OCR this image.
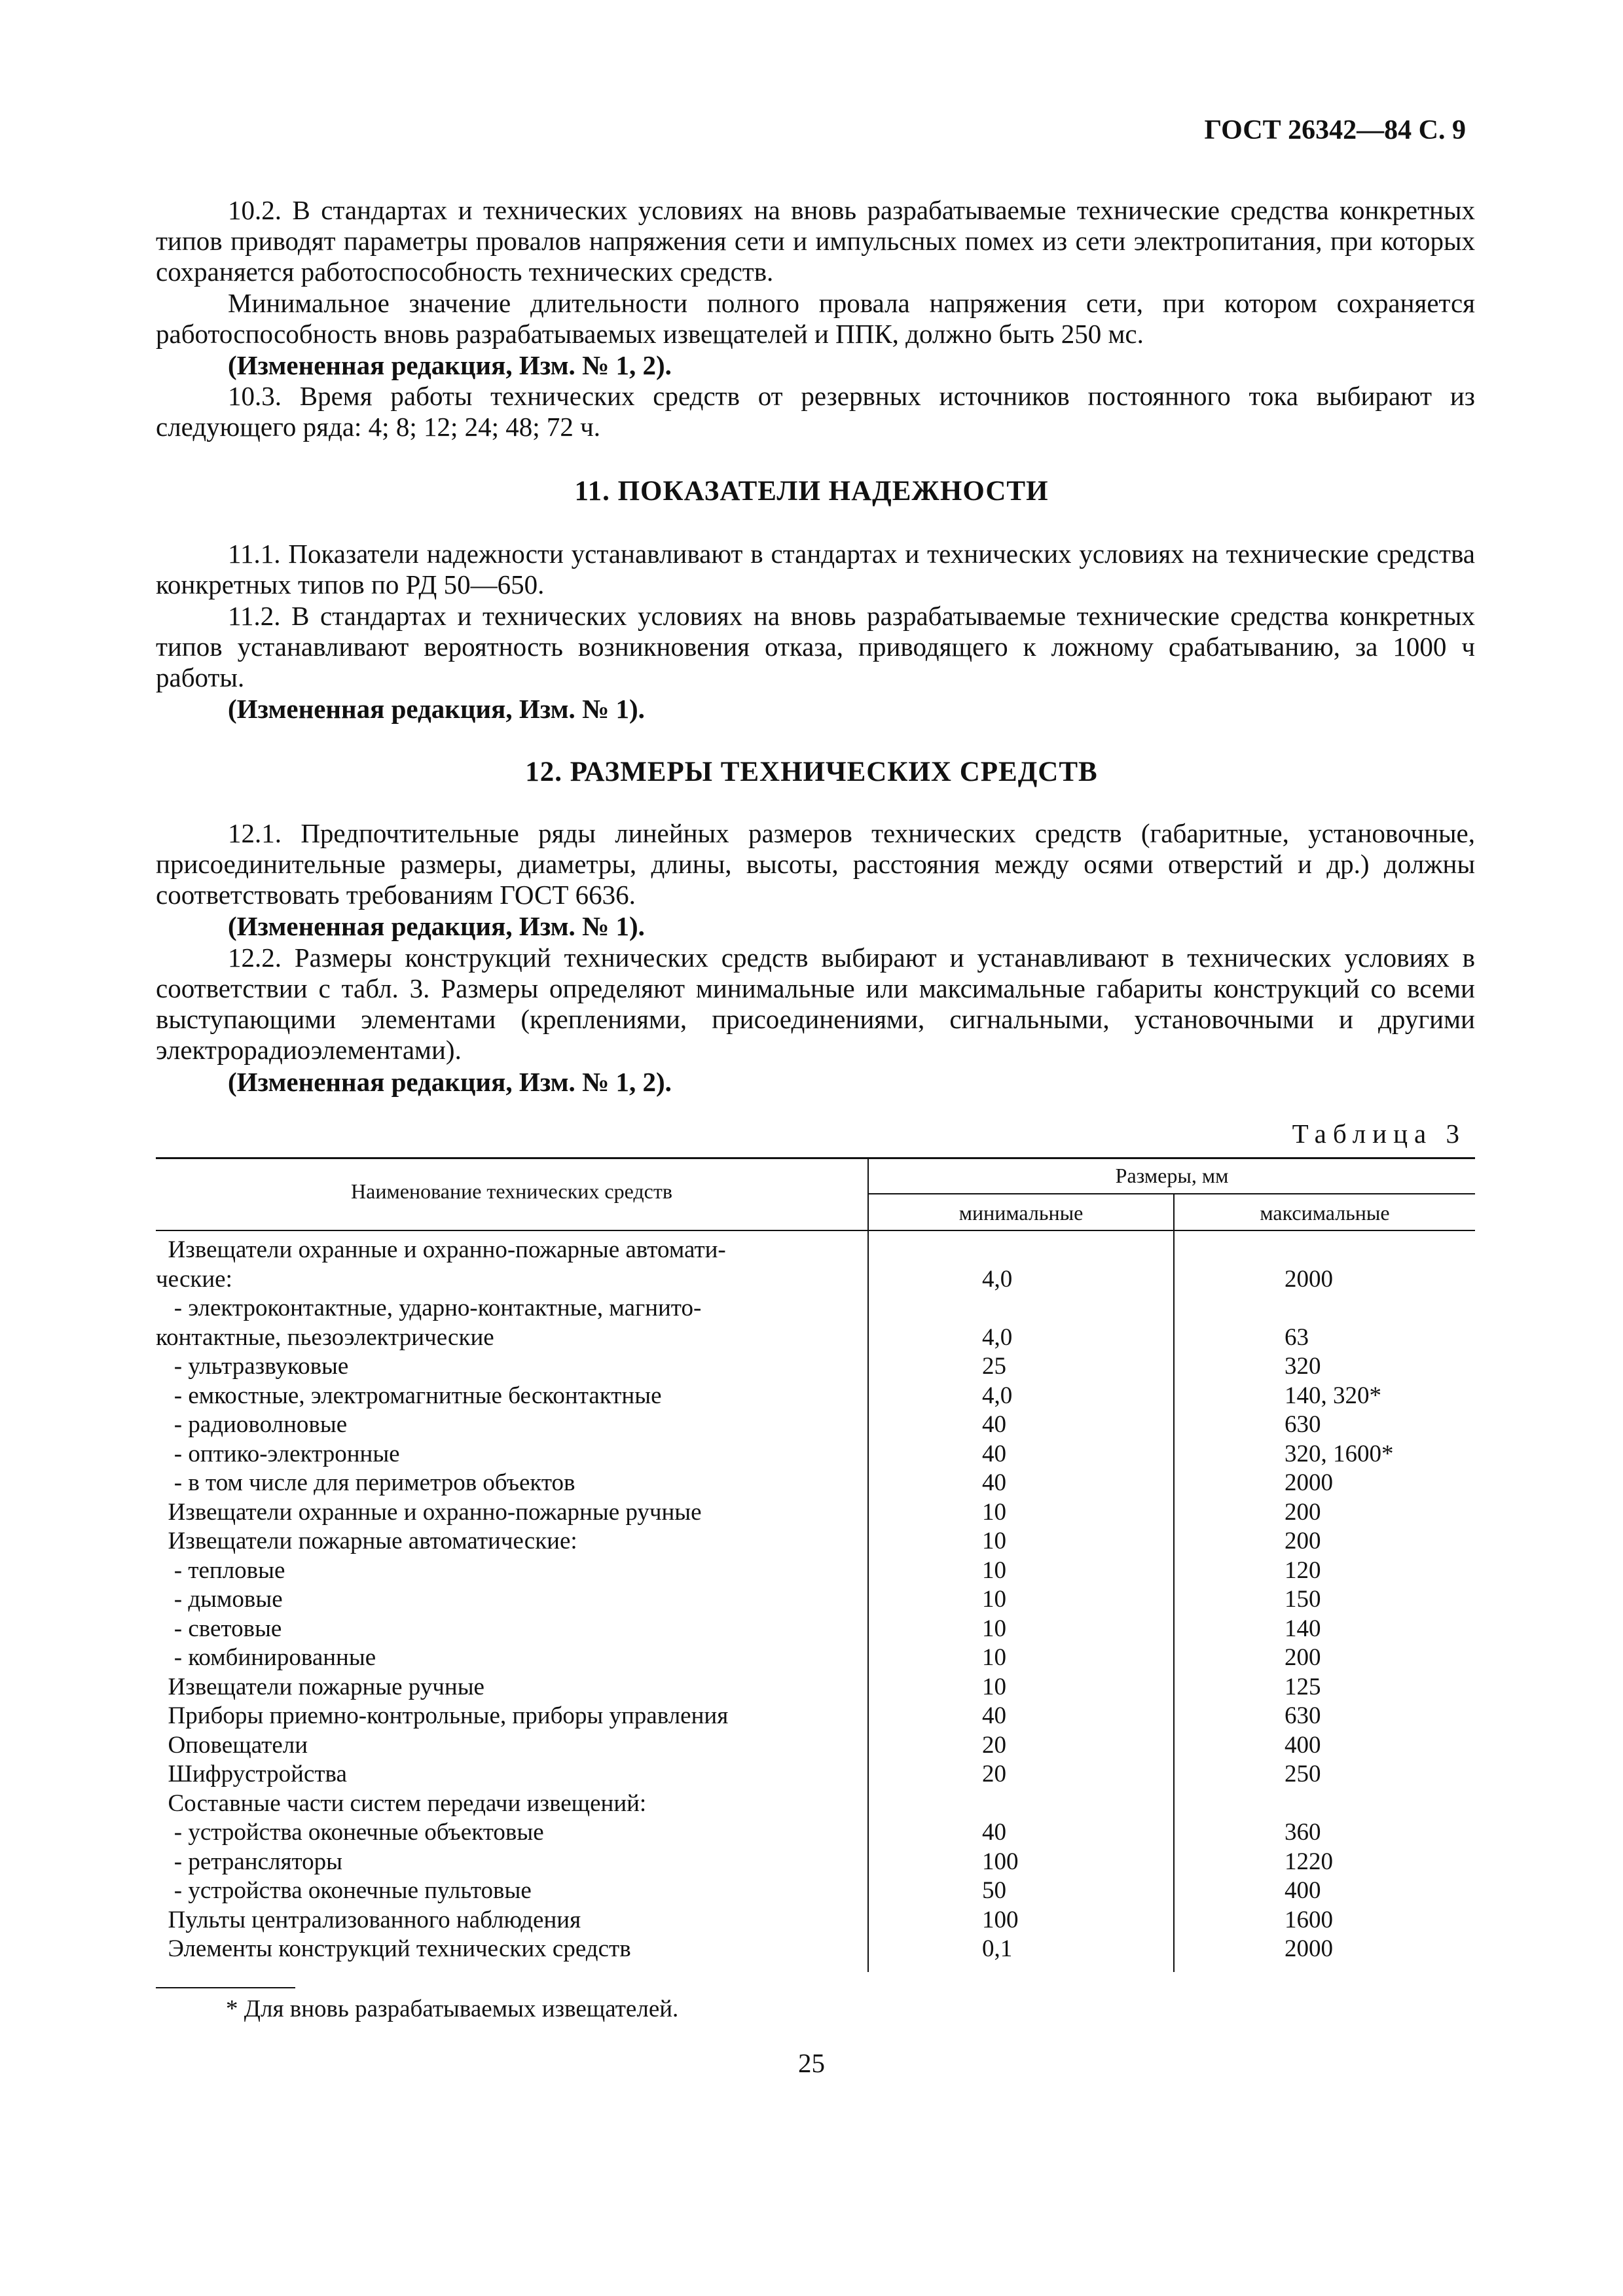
ГОСТ 26342—84 С. 9
10.2. В стандартах и технических условиях на вновь разрабатываемые технические средства конкретных типов приводят параметры провалов напряжения сети и импульсных помех из сети электропитания, при которых сохраняется работоспособность технических средств.
Минимальное значение длительности полного провала напряжения сети, при котором сохраняется работоспособность вновь разрабатываемых извещателей и ППК, должно быть 250 мс.
(Измененная редакция, Изм. № 1, 2).
10.3. Время работы технических средств от резервных источников постоянного тока выбирают из следующего ряда: 4; 8; 12; 24; 48; 72 ч.
11. ПОКАЗАТЕЛИ НАДЕЖНОСТИ
11.1. Показатели надежности устанавливают в стандартах и технических условиях на технические средства конкретных типов по РД 50—650.
11.2. В стандартах и технических условиях на вновь разрабатываемые технические средства конкретных типов устанавливают вероятность возникновения отказа, приводящего к ложному срабатыванию, за 1000 ч работы.
(Измененная редакция, Изм. № 1).
12. РАЗМЕРЫ ТЕХНИЧЕСКИХ СРЕДСТВ
12.1. Предпочтительные ряды линейных размеров технических средств (габаритные, установочные, присоединительные размеры, диаметры, длины, высоты, расстояния между осями отверстий и др.) должны соответствовать требованиям ГОСТ 6636.
(Измененная редакция, Изм. № 1).
12.2. Размеры конструкций технических средств выбирают и устанавливают в технических условиях в соответствии с табл. 3. Размеры определяют минимальные или максимальные габариты конструкций со всеми выступающими элементами (креплениями, присоединениями, сигнальными, установочными и другими электрорадиоэлементами).
(Измененная редакция, Изм. № 1, 2).
Таблица 3
Наименование технических средств
Размеры, мм
минимальные	максимальные
Извещатели охранные и охранно-пожарные автомати-
ческие:	4,0	2000
- электроконтактные, ударно-контактные, магнито-
контактные, пьезоэлектрические	4,0	63
- ультразвуковые	25	320
- емкостные, электромагнитные бесконтактные	4,0	140, 320*
- радиоволновые	40	630
- оптико-электронные	40	320, 1600*
- в том числе для периметров объектов	40	2000
Извещатели охранные и охранно-пожарные ручные	10	200
Извещатели пожарные автоматические:	10	200
- тепловые	10	120
- дымовые	10	150
- световые	10	140
- комбинированные	10	200
Извещатели пожарные ручные	10	125
Приборы приемно-контрольные, приборы управления	40	630
Оповещатели	20	400
Шифрустройства	20	250
Составные части систем передачи извещений:
- устройства оконечные объектовые	40	360
- ретрансляторы	100	1220
- устройства оконечные пультовые	50	400
Пульты централизованного наблюдения	100	1600
Элементы конструкций технических средств	0,1	2000
* Для вновь разрабатываемых извещателей.
25
